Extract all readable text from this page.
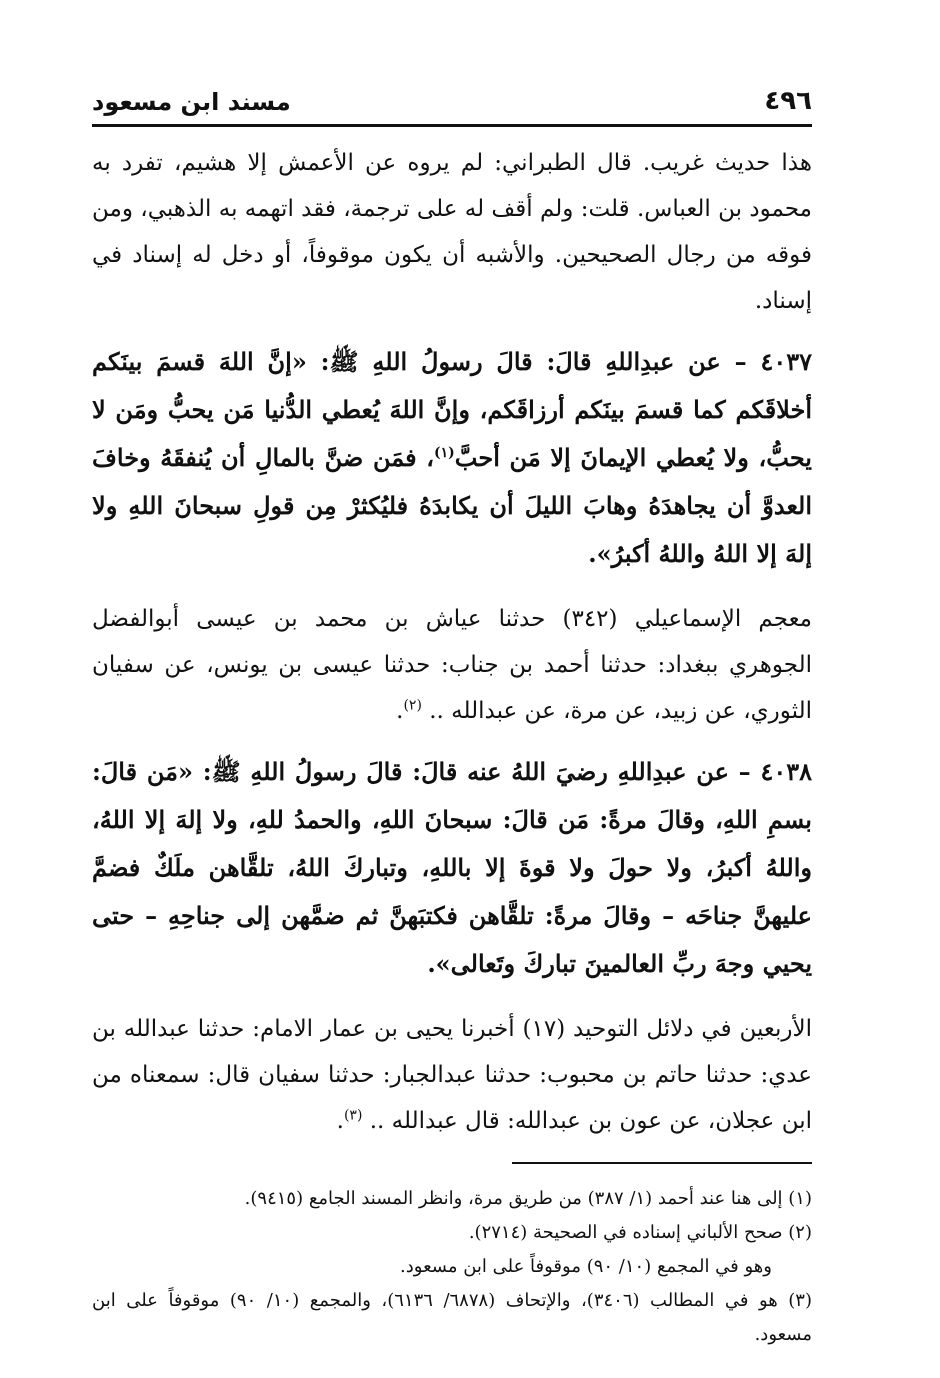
٤٩٦
مسند ابن مسعود

هذا حديث غريب. قال الطبراني: لم يروه عن الأعمش إلا هشيم، تفرد به محمود بن العباس. قلت: ولم أقف له على ترجمة، فقد اتهمه به الذهبي، ومن فوقه من رجال الصحيحين. والأشبه أن يكون موقوفاً، أو دخل له إسناد في إسناد.

٤٠٣٧ – عن عبدِاللهِ قالَ: قالَ رسولُ اللهِ ﷺ: «إنَّ اللهَ قسمَ بينَكم أخلاقَكم كما قسمَ بينَكم أرزاقَكم، وإنَّ اللهَ يُعطي الدُّنيا مَن يحبُّ ومَن لا يحبُّ، ولا يُعطي الإيمانَ إلا مَن أحبَّ$^{(١)}$، فمَن ضنَّ بالمالِ أن يُنفقَهُ وخافَ العدوَّ أن يجاهدَهُ وهابَ الليلَ أن يكابدَهُ فليُكثرْ مِن قولِ سبحانَ اللهِ ولا إلهَ إلا اللهُ واللهُ أكبرُ».

معجم الإسماعيلي (٣٤٢) حدثنا عياش بن محمد بن عيسى أبوالفضل الجوهري ببغداد: حدثنا أحمد بن جناب: حدثنا عيسى بن يونس، عن سفيان الثوري، عن زبيد، عن مرة، عن عبدالله .. $^{(٢)}$.

٤٠٣٨ – عن عبدِاللهِ رضيَ اللهُ عنه قالَ: قالَ رسولُ اللهِ ﷺ: «مَن قالَ: بسمِ اللهِ، وقالَ مرةً: مَن قالَ: سبحانَ اللهِ، والحمدُ للهِ، ولا إلهَ إلا اللهُ، واللهُ أكبرُ، ولا حولَ ولا قوةَ إلا باللهِ، وتباركَ اللهُ، تلقَّاهن ملَكٌ فضمَّ عليهنَّ جناحَه – وقالَ مرةً: تلقَّاهن فكتبَهنَّ ثم ضمَّهن إلى جناحِهِ – حتى يحيي وجهَ ربِّ العالمينَ تباركَ وتَعالى».

الأربعين في دلائل التوحيد (١٧) أخبرنا يحيى بن عمار الامام: حدثنا عبدالله بن عدي: حدثنا حاتم بن محبوب: حدثنا عبدالجبار: حدثنا سفيان قال: سمعناه من ابن عجلان، عن عون بن عبدالله: قال عبدالله .. $^{(٣)}$.

(١) إلى هنا عند أحمد (١/ ٣٨٧) من طريق مرة، وانظر المسند الجامع (٩٤١٥).

(٢) صحح الألباني إسناده في الصحيحة (٢٧١٤).

وهو في المجمع (١٠/ ٩٠) موقوفاً على ابن مسعود.

(٣) هو في المطالب (٣٤٠٦)، والإتحاف (٦٨٧٨/ ٦١٣٦)، والمجمع (١٠/ ٩٠) موقوفاً على ابن مسعود.
